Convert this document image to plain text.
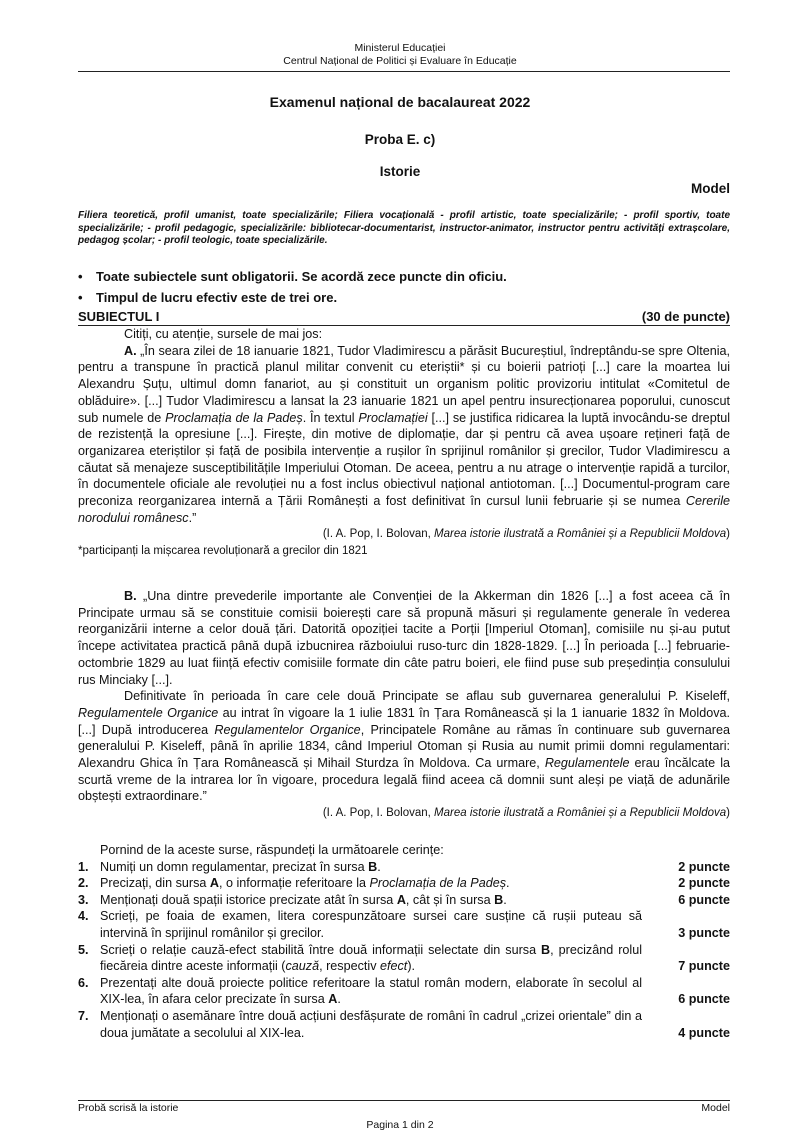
Ministerul Educației
Centrul Național de Politici și Evaluare în Educație
Examenul național de bacalaureat 2022
Proba E. c)
Istorie
Model
Filiera teoretică, profil umanist, toate specializările; Filiera vocațională - profil artistic, toate specializările; - profil sportiv, toate specializările; - profil pedagogic, specializările: bibliotecar-documentarist, instructor-animator, instructor pentru activități extrașcolare, pedagog școlar; - profil teologic, toate specializările.
• Toate subiectele sunt obligatorii. Se acordă zece puncte din oficiu.
• Timpul de lucru efectiv este de trei ore.
SUBIECTUL I	(30 de puncte)

Citiți, cu atenție, sursele de mai jos:

A. „În seara zilei de 18 ianuarie 1821, Tudor Vladimirescu a părăsit Bucureștiul, îndreptându-se spre Oltenia, pentru a transpune în practică planul militar convenit cu eteriștii* și cu boierii patrioți [...] care la moartea lui Alexandru Șuțu, ultimul domn fanariot, au și constituit un organism politic provizoriu intitulat «Comitetul de oblăduire». [...] Tudor Vladimirescu a lansat la 23 ianuarie 1821 un apel pentru insurecționarea poporului, cunoscut sub numele de Proclamația de la Padeș. În textul Proclamației [...] se justifica ridicarea la luptă invocându-se dreptul de rezistență la opresiune [...]. Firește, din motive de diplomație, dar și pentru că avea ușoare rețineri față de organizarea eteriștilor și față de posibila intervenție a rușilor în sprijinul românilor și grecilor, Tudor Vladimirescu a căutat să menajeze susceptibilitățile Imperiului Otoman. De aceea, pentru a nu atrage o intervenție rapidă a turcilor, în documentele oficiale ale revoluției nu a fost inclus obiectivul național antiotoman. [...] Documentul-program care preconiza reorganizarea internă a Țării Românești a fost definitivat în cursul lunii februarie și se numea Cererile norodului românesc.”

(I. A. Pop, I. Bolovan, Marea istorie ilustrată a României și a Republicii Moldova)

*participanți la mișcarea revoluționară a grecilor din 1821

B. „Una dintre prevederile importante ale Convenției de la Akkerman din 1826 [...] a fost aceea că în Principate urmau să se constituie comisii boierești care să propună măsuri și regulamente generale în vederea reorganizării interne a celor două țări. Datorită opoziției tacite a Porții [Imperiul Otoman], comisiile nu și-au putut începe activitatea practică până după izbucnirea războiului ruso-turc din 1828-1829. [...] În perioada [...] februarie-octombrie 1829 au luat ființă efectiv comisiile formate din câte patru boieri, ele fiind puse sub președinția consulului rus Minciaky [...].

Definitivate în perioada în care cele două Principate se aflau sub guvernarea generalului P. Kiseleff, Regulamentele Organice au intrat în vigoare la 1 iulie 1831 în Țara Românească și la 1 ianuarie 1832 în Moldova. [...] După introducerea Regulamentelor Organice, Principatele Române au rămas în continuare sub guvernarea generalului P. Kiseleff, până în aprilie 1834, când Imperiul Otoman și Rusia au numit primii domni regulamentari: Alexandru Ghica în Țara Românească și Mihail Sturdza în Moldova. Ca urmare, Regulamentele erau încălcate la scurtă vreme de la intrarea lor în vigoare, procedura legală fiind aceea că domnii sunt aleși pe viață de adunările obștești extraordinare.”

(I. A. Pop, I. Bolovan, Marea istorie ilustrată a României și a Republicii Moldova)

Pornind de la aceste surse, răspundeți la următoarele cerințe:
1. Numiți un domn regulamentar, precizat în sursa B.	2 puncte
2. Precizați, din sursa A, o informație referitoare la Proclamația de la Padeș.	2 puncte
3. Menționați două spații istorice precizate atât în sursa A, cât și în sursa B.	6 puncte
4. Scrieți, pe foaia de examen, litera corespunzătoare sursei care susține că rușii puteau să intervină în sprijinul românilor și grecilor.	3 puncte
5. Scrieți o relație cauză-efect stabilită între două informații selectate din sursa B, precizând rolul fiecăreia dintre aceste informații (cauză, respectiv efect).	7 puncte
6. Prezentați alte două proiecte politice referitoare la statul român modern, elaborate în secolul al XIX-lea, în afara celor precizate în sursa A.	6 puncte
7. Menționați o asemănare între două acțiuni desfășurate de români în cadrul „crizei orientale” din a doua jumătate a secolului al XIX-lea.	4 puncte
Probă scrisă la istorie	Model
Pagina 1 din 2
